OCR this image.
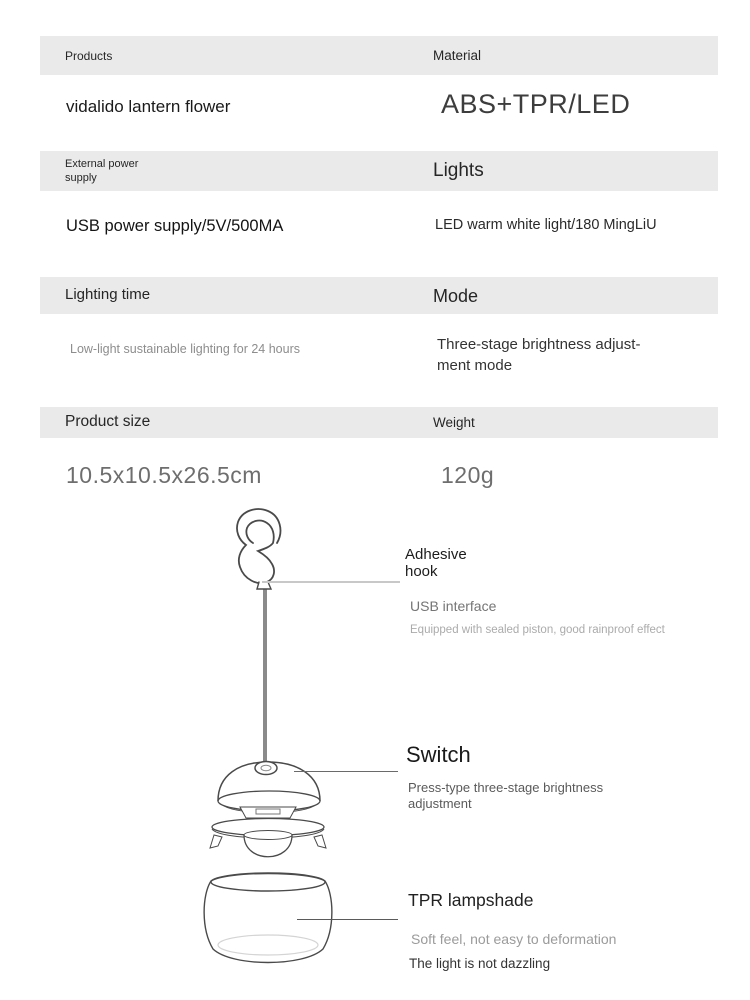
Products	Material
vidalido lantern flower	ABS+TPR/LED
External power supply	Lights
USB power supply/5V/500MA	LED warm white light/180 MingLiU
Lighting time	Mode
Low-light sustainable lighting for 24 hours	Three-stage brightness adjust-
ment mode
Product size	Weight
10.5x10.5x26.5cm	120g
Adhesive hook
USB interface
Equipped with sealed piston, good rainproof effect
Switch
Press-type three-stage brightness adjustment
TPR lampshade
Soft feel, not easy to deformation
The light is not dazzling
